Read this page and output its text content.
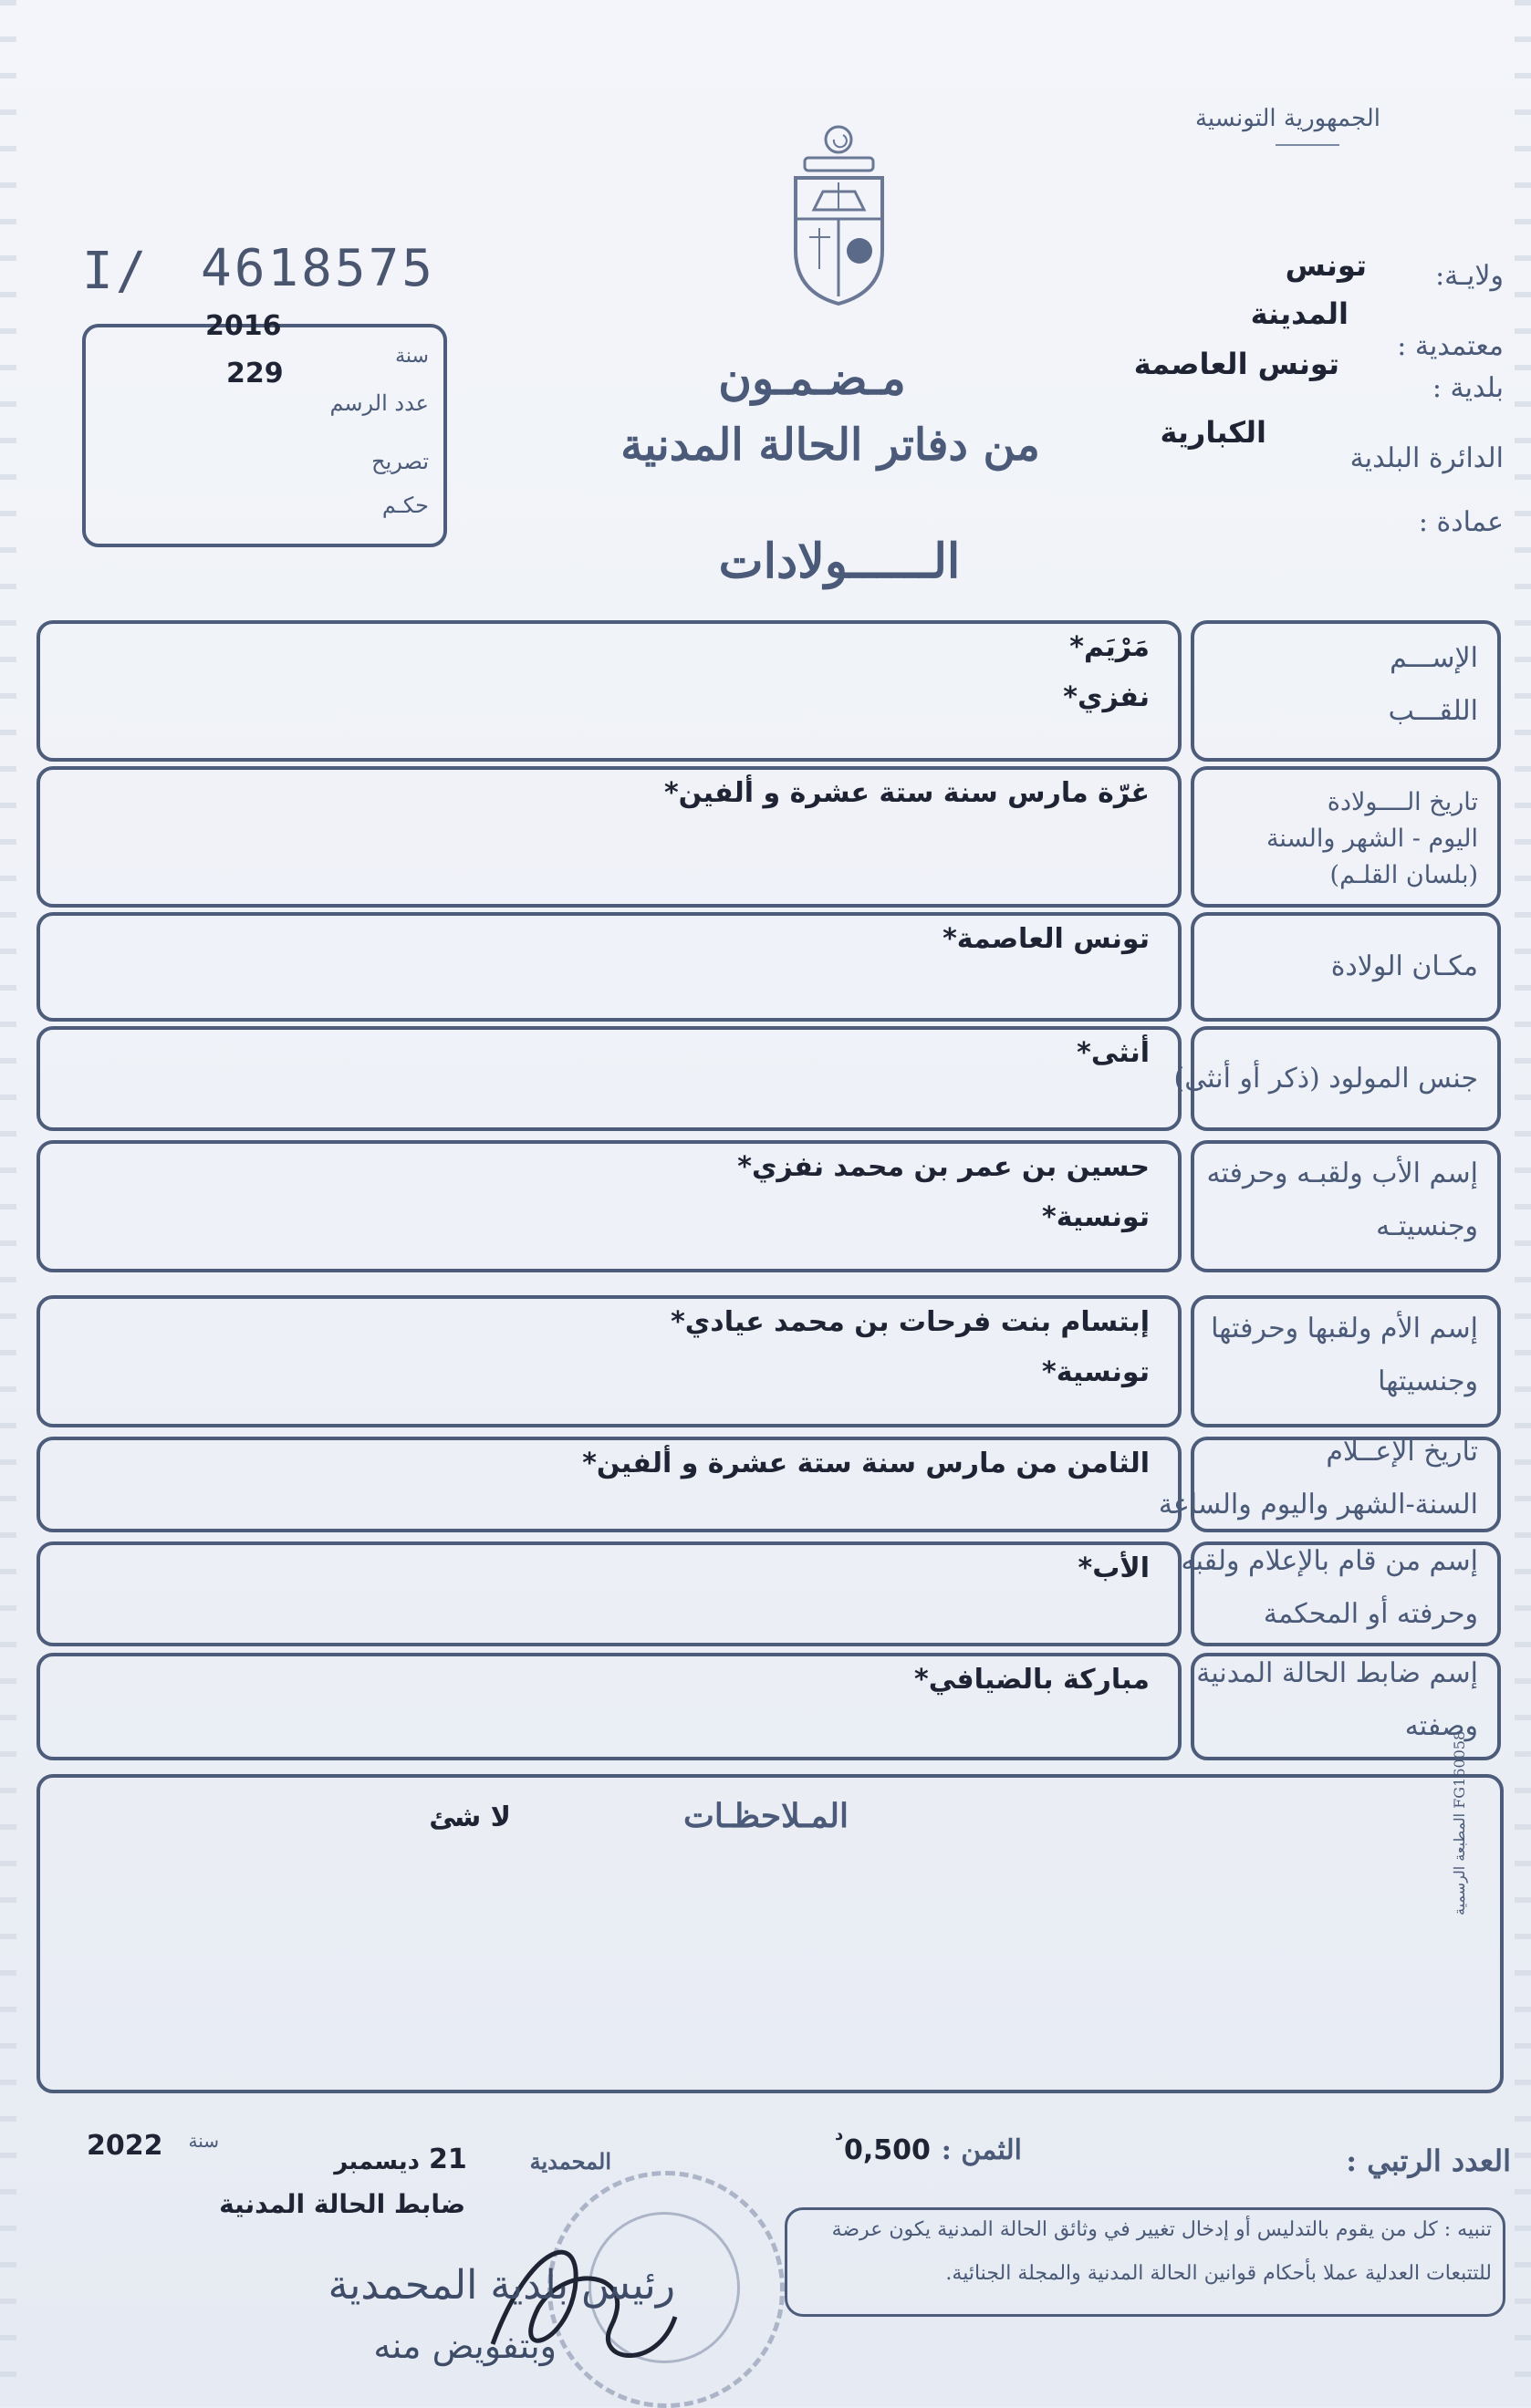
الجمهورية التونسية
I/ 4618575
مـضـمـون
من دفاتر الحالة المدنية
الــــــولادات
ولايـة:
تونس
معتمدية :
المدينة
بلدية :
تونس العاصمة
الدائرة البلدية
الكبارية
عمادة :
2016
سنة
229
عدد الرسم
تصريح
حكـم
الإســـم
اللقـــب
مَرْيَم*
نفزي*
تاريخ الــــولادة
اليوم - الشهر والسنة
(بلسان القلـم)
غرّة مارس سنة ستة عشرة و ألفين*
مكـان الولادة
تونس العاصمة*
جنس المولود (ذكر أو أنثى)
أنثى*
إسم الأب ولقبـه وحرفته
وجنسيتـه
حسين بن عمر بن محمد نفزي*
تونسية*
إسم الأم ولقبها وحرفتها
وجنسيتها
إبتسام بنت فرحات بن محمد عيادي*
تونسية*
تاريخ الإعــلام
السنة-الشهر واليوم والساعة
الثامن من مارس سنة ستة عشرة و ألفين*
إسم من قام بالإعلام ولقبه
وحرفته أو المحكمة
الأب*
إسم ضابط الحالة المدنية
وصفته
مباركة بالضيافي*
المـلاحظـات
لا شئ
العدد الرتبي :
الثمن :
0,500
د
المحمدية
21
ديسمبر
سنة
2022
ضابط الحالة المدنية
رئيس بلدية المحمدية
وبتفويض منه
تنبيه : كل من يقوم بالتدليس أو إدخال تغيير في وثائق الحالة المدنية يكون عرضة
للتتبعات العدلية عملا بأحكام قوانين الحالة المدنية والمجلة الجنائية.
المطبعة الرسمية FG160058
